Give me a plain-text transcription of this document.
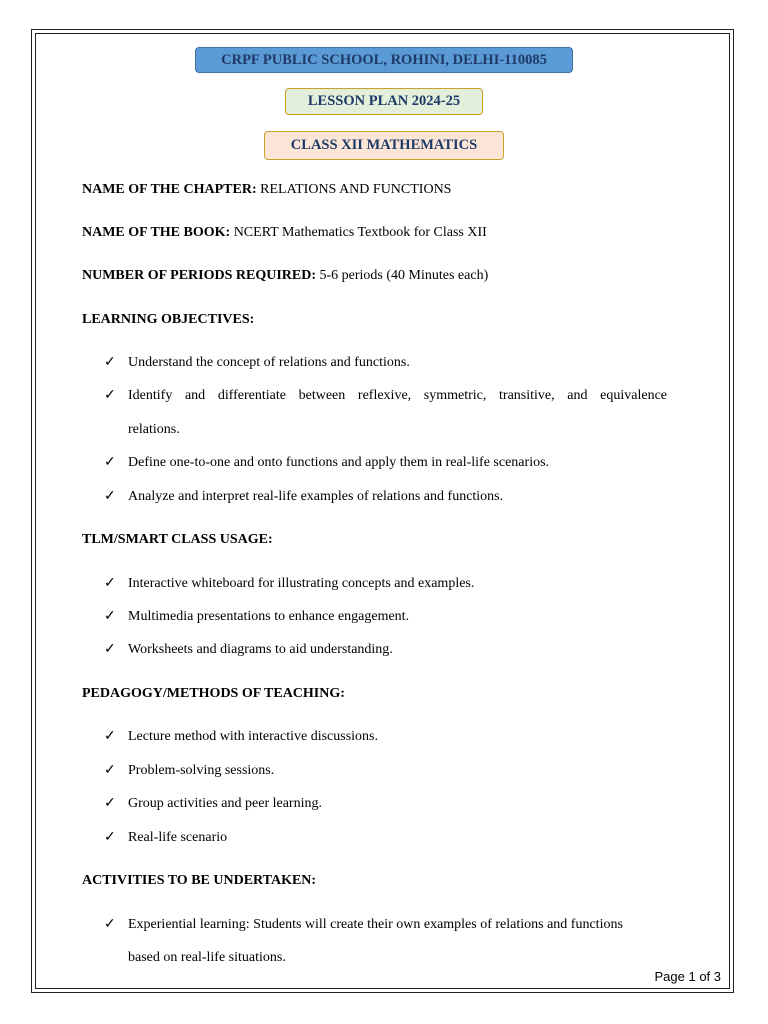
CRPF PUBLIC SCHOOL, ROHINI, DELHI-110085
LESSON PLAN 2024-25
CLASS XII MATHEMATICS
NAME OF THE CHAPTER: RELATIONS AND FUNCTIONS
NAME OF THE BOOK: NCERT Mathematics Textbook for Class XII
NUMBER OF PERIODS REQUIRED: 5-6 periods (40 Minutes each)
LEARNING OBJECTIVES:
✓ Understand the concept of relations and functions.
✓ Identify and differentiate between reflexive, symmetric, transitive, and equivalence
relations.
✓ Define one-to-one and onto functions and apply them in real-life scenarios.
✓ Analyze and interpret real-life examples of relations and functions.
TLM/SMART CLASS USAGE:
✓ Interactive whiteboard for illustrating concepts and examples.
✓ Multimedia presentations to enhance engagement.
✓ Worksheets and diagrams to aid understanding.
PEDAGOGY/METHODS OF TEACHING:
✓ Lecture method with interactive discussions.
✓ Problem-solving sessions.
✓ Group activities and peer learning.
✓ Real-life scenario
ACTIVITIES TO BE UNDERTAKEN:
✓ Experiential learning: Students will create their own examples of relations and functions
based on real-life situations.
Page 1 of 3
